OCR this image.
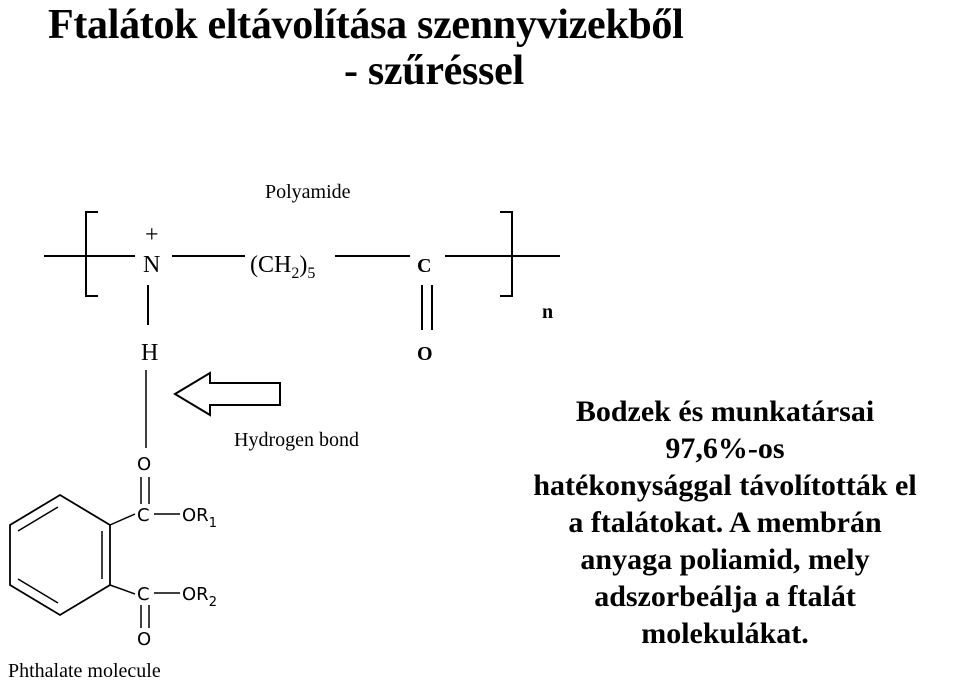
Ftalátok eltávolítása szennyvizekből
- szűréssel
Polyamide
+
N	$(CH_2)_5$	C
n
H	O
Hydrogen bond
O
C $OR_1$
C $OR_2$
O
Phthalate molecule
Bodzek és munkatársai
97,6%-os
hatékonysággal távolították el
a ftalátokat. A membrán
anyaga poliamid, mely
adszorbeálja a ftalát
molekulákat.
